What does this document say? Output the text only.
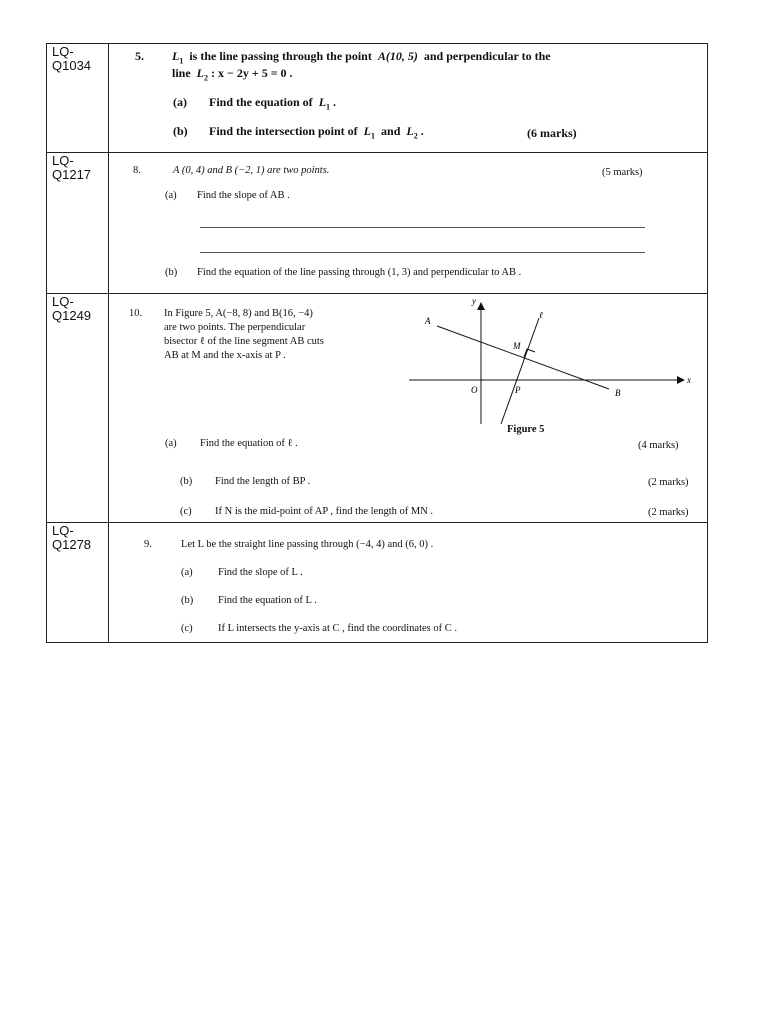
LQ-
Q1034
5. $L_1$ is the line passing through the point A(10, 5) and perpendicular to the
line $L_2$ : x − 2y + 5 = 0 .
(a) Find the equation of $L_1$ .
(b) Find the intersection point of $L_1$ and $L_2$ .	(6 marks)
LQ-
Q1217	8.	A (0, 4) and B (−2, 1) are two points.	(5 marks)
(a) Find the slope of AB .
(b) Find the equation of the line passing through (1, 3) and perpendicular to AB .
LQ-
Q1249	10. In Figure 5, A(−8, 8) and B(16, −4)
are two points. The perpendicular
bisector ℓ of the line segment AB cuts
AB at M and the x-axis at P .
y
x
ℓ
A
B
M
O	P
Figure 5
(a) Find the equation of ℓ .	(4 marks)
(b) Find the length of BP .	(2 marks)
(c) If N is the mid-point of AP , find the length of MN .	(2 marks)
LQ-
Q1278	9.	Let L be the straight line passing through (−4, 4) and (6, 0) .
(a) Find the slope of L .
(b) Find the equation of L .
(c) If L intersects the y-axis at C , find the coordinates of C .
